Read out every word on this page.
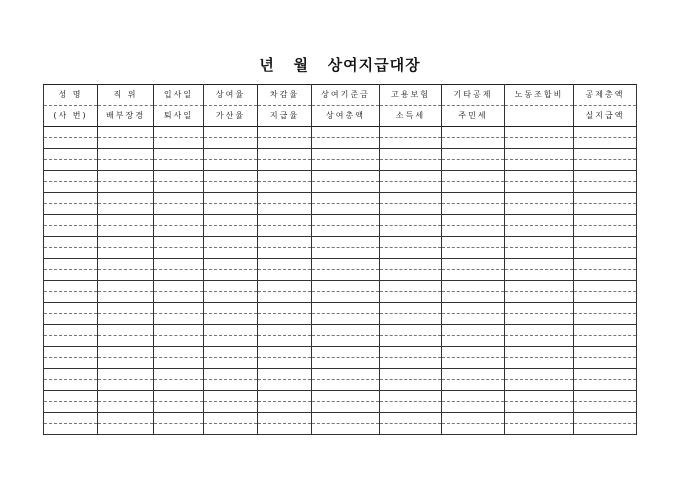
년   월   상여지급대장
성 명	직 위	입사일	상여율	차감율	상여기준금	고용보험	기타공제	노동조합비	공제총액
(사 번)	배부장경	퇴사일	가산율	지급율	상여총액	소득세	주민세		실지급액
